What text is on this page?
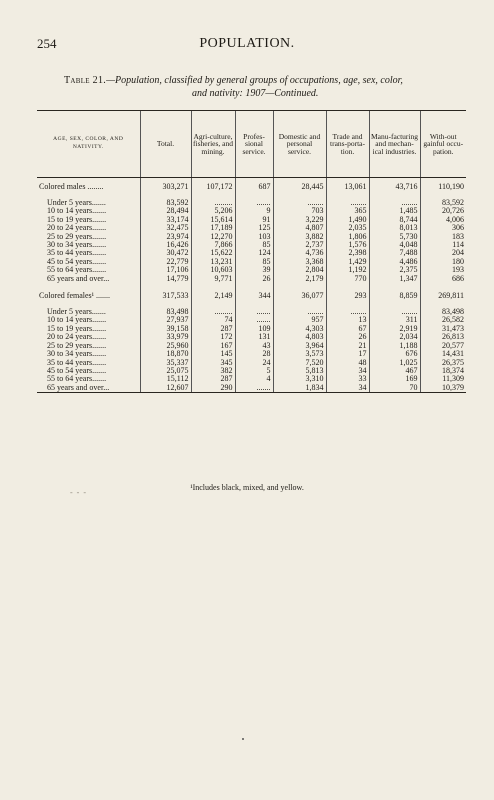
254	POPULATION.
Table 21.—Population, classified by general groups of occupations, age, sex, color,
and nativity: 1907—Continued.
AGE, SEX, COLOR, AND NATIVITY.	Total.	Agri-culture, fisheries, and mining.	Profes-sional service.	Domestic and personal service.	Trade and trans-porta-tion.	Manu-facturing and mechan-ical industries.	With-out gainful occu-pation.

Colored males ........	303,271	107,172	687	28,445	13,061	43,716	110,190

Under 5 years.......	83,592	.........	.......	........	........	........	83,592
10 to 14 years.......	28,494	5,206	9	703	365	1,485	20,726
15 to 19 years.......	33,174	15,614	91	3,229	1,490	8,744	4,006
20 to 24 years.......	32,475	17,189	125	4,807	2,035	8,013	306
25 to 29 years.......	23,974	12,270	103	3,882	1,806	5,730	183
30 to 34 years.......	16,426	7,866	85	2,737	1,576	4,048	114
35 to 44 years.......	30,472	15,622	124	4,736	2,398	7,488	204
45 to 54 years.......	22,779	13,231	85	3,368	1,429	4,486	180
55 to 64 years.......	17,106	10,603	39	2,804	1,192	2,375	193
65 years and over...	14,779	9,771	26	2,179	770	1,347	686

Colored females¹ .......	317,533	2,149	344	36,077	293	8,859	269,811

Under 5 years.......	83,498	.........	.......	........	........	........	83,498
10 to 14 years.......	27,937	74	.......	957	13	311	26,582
15 to 19 years.......	39,158	287	109	4,303	67	2,919	31,473
20 to 24 years.......	33,979	172	131	4,803	26	2,034	26,813
25 to 29 years.......	25,960	167	43	3,964	21	1,188	20,577
30 to 34 years.......	18,870	145	28	3,573	17	676	14,431
35 to 44 years.......	35,337	345	24	7,520	48	1,025	26,375
45 to 54 years.......	25,075	382	5	5,813	34	467	18,374
55 to 64 years.......	15,112	287	4	3,310	33	169	11,309
65 years and over...	12,607	290	.......	1,834	34	70	10,379
¹Includes black, mixed, and yellow.
- - -
